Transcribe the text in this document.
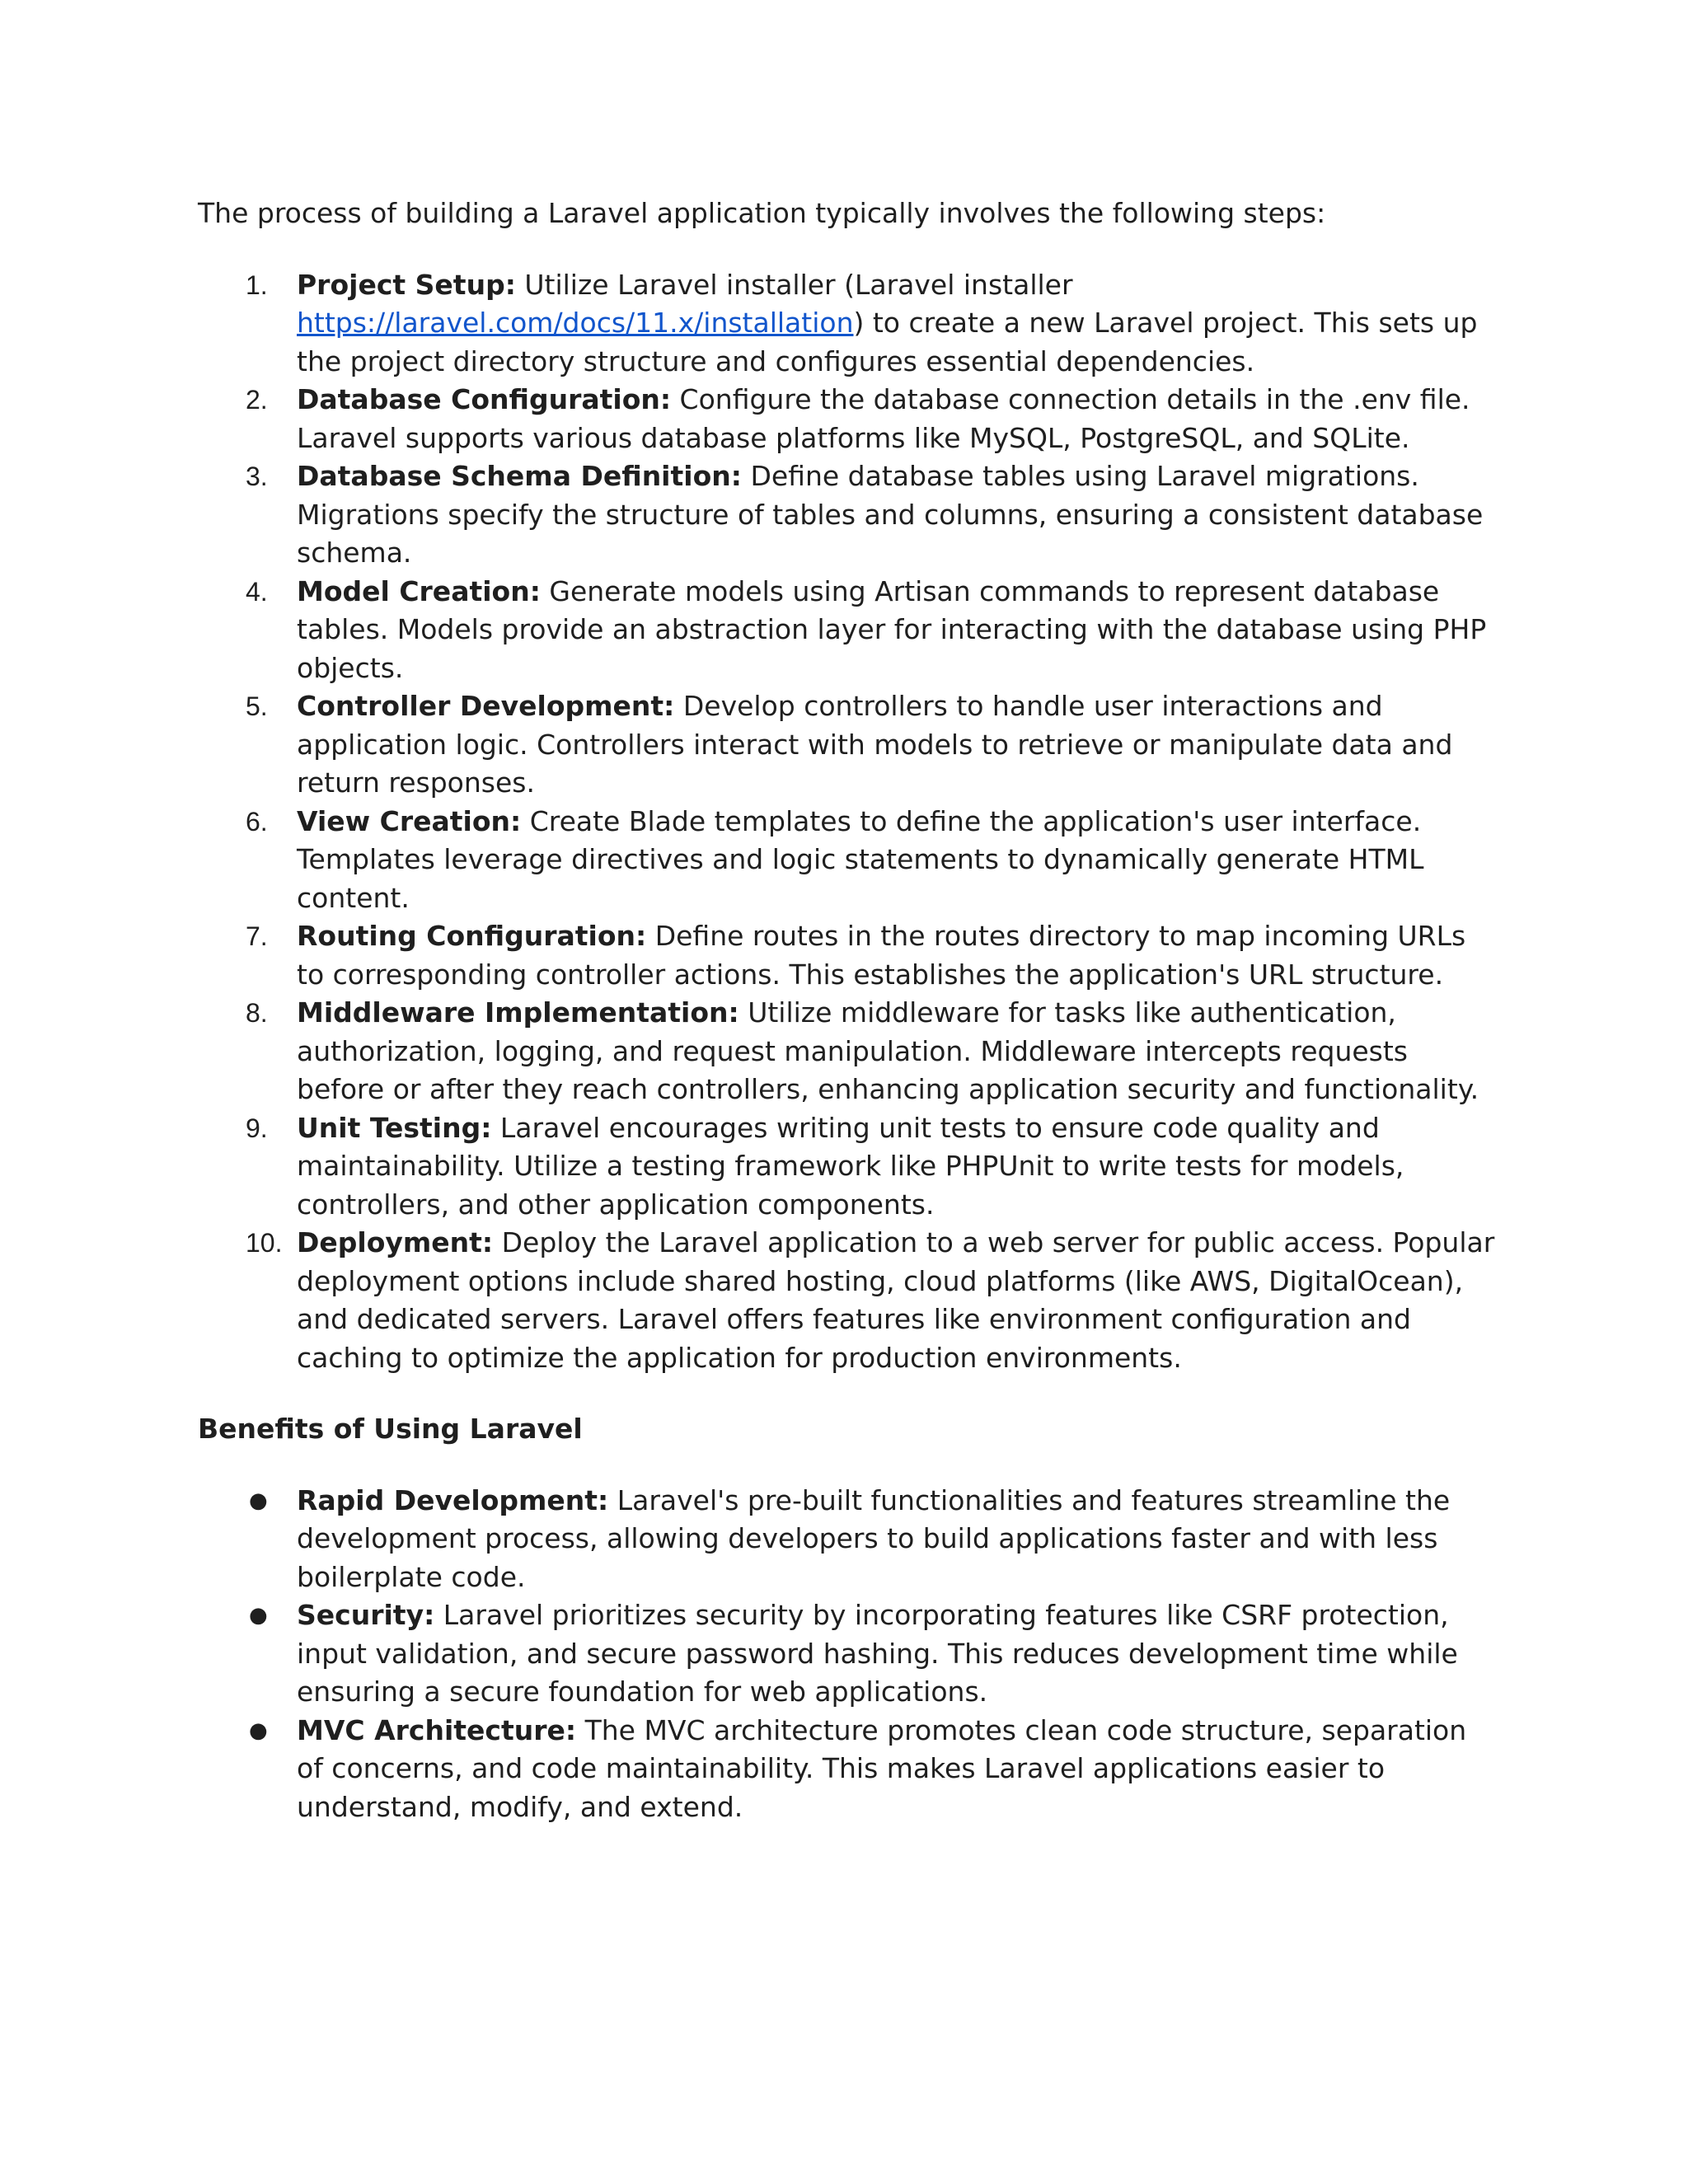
The process of building a Laravel application typically involves the following steps:

1. Project Setup: Utilize Laravel installer (Laravel installer https://laravel.com/docs/11.x/installation) to create a new Laravel project. This sets up the project directory structure and configures essential dependencies.
2. Database Configuration: Configure the database connection details in the .env file. Laravel supports various database platforms like MySQL, PostgreSQL, and SQLite.
3. Database Schema Definition: Define database tables using Laravel migrations. Migrations specify the structure of tables and columns, ensuring a consistent database schema.
4. Model Creation: Generate models using Artisan commands to represent database tables. Models provide an abstraction layer for interacting with the database using PHP objects.
5. Controller Development: Develop controllers to handle user interactions and application logic. Controllers interact with models to retrieve or manipulate data and return responses.
6. View Creation: Create Blade templates to define the application's user interface. Templates leverage directives and logic statements to dynamically generate HTML content.
7. Routing Configuration: Define routes in the routes directory to map incoming URLs to corresponding controller actions. This establishes the application's URL structure.
8. Middleware Implementation: Utilize middleware for tasks like authentication, authorization, logging, and request manipulation. Middleware intercepts requests before or after they reach controllers, enhancing application security and functionality.
9. Unit Testing: Laravel encourages writing unit tests to ensure code quality and maintainability. Utilize a testing framework like PHPUnit to write tests for models, controllers, and other application components.
10. Deployment: Deploy the Laravel application to a web server for public access. Popular deployment options include shared hosting, cloud platforms (like AWS, DigitalOcean), and dedicated servers. Laravel offers features like environment configuration and caching to optimize the application for production environments.
Benefits of Using Laravel
● Rapid Development: Laravel's pre-built functionalities and features streamline the development process, allowing developers to build applications faster and with less boilerplate code.
● Security: Laravel prioritizes security by incorporating features like CSRF protection, input validation, and secure password hashing. This reduces development time while ensuring a secure foundation for web applications.
● MVC Architecture: The MVC architecture promotes clean code structure, separation of concerns, and code maintainability. This makes Laravel applications easier to understand, modify, and extend.
